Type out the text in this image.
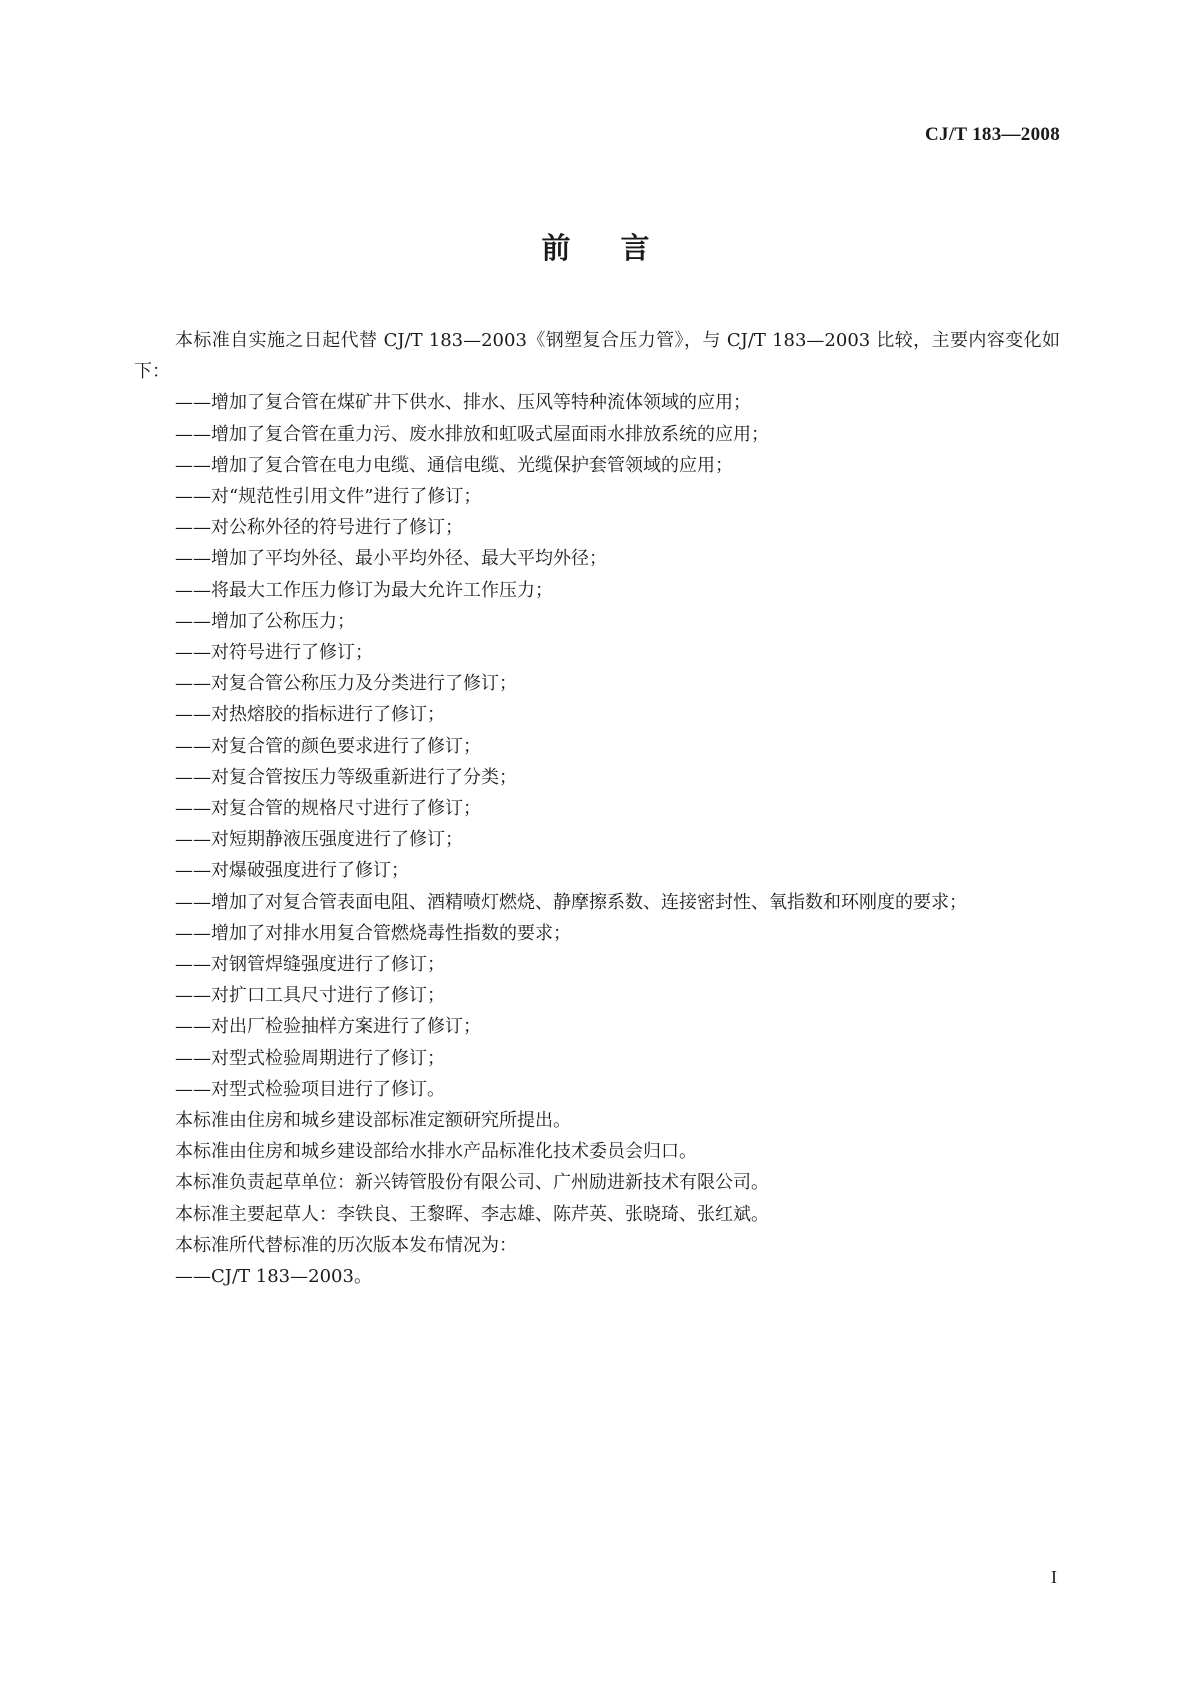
CJ/T 183—2008
前言

本标准自实施之日起代替 CJ/T 183—2003《钢塑复合压力管》，与 CJ/T 183—2003 比较，主要内容变化如下：

——增加了复合管在煤矿井下供水、排水、压风等特种流体领域的应用；

——增加了复合管在重力污、废水排放和虹吸式屋面雨水排放系统的应用；

——增加了复合管在电力电缆、通信电缆、光缆保护套管领域的应用；

——对“规范性引用文件”进行了修订；

——对公称外径的符号进行了修订；

——增加了平均外径、最小平均外径、最大平均外径；

——将最大工作压力修订为最大允许工作压力；

——增加了公称压力；

——对符号进行了修订；

——对复合管公称压力及分类进行了修订；

——对热熔胶的指标进行了修订；

——对复合管的颜色要求进行了修订；

——对复合管按压力等级重新进行了分类；

——对复合管的规格尺寸进行了修订；

——对短期静液压强度进行了修订；

——对爆破强度进行了修订；

——增加了对复合管表面电阻、酒精喷灯燃烧、静摩擦系数、连接密封性、氧指数和环刚度的要求；

——增加了对排水用复合管燃烧毒性指数的要求；

——对钢管焊缝强度进行了修订；

——对扩口工具尺寸进行了修订；

——对出厂检验抽样方案进行了修订；

——对型式检验周期进行了修订；

——对型式检验项目进行了修订。

本标准由住房和城乡建设部标准定额研究所提出。

本标准由住房和城乡建设部给水排水产品标准化技术委员会归口。

本标准负责起草单位：新兴铸管股份有限公司、广州励进新技术有限公司。

本标准主要起草人：李铁良、王黎晖、李志雄、陈芹英、张晓琦、张红斌。

本标准所代替标准的历次版本发布情况为：

——CJ/T 183—2003。

I
